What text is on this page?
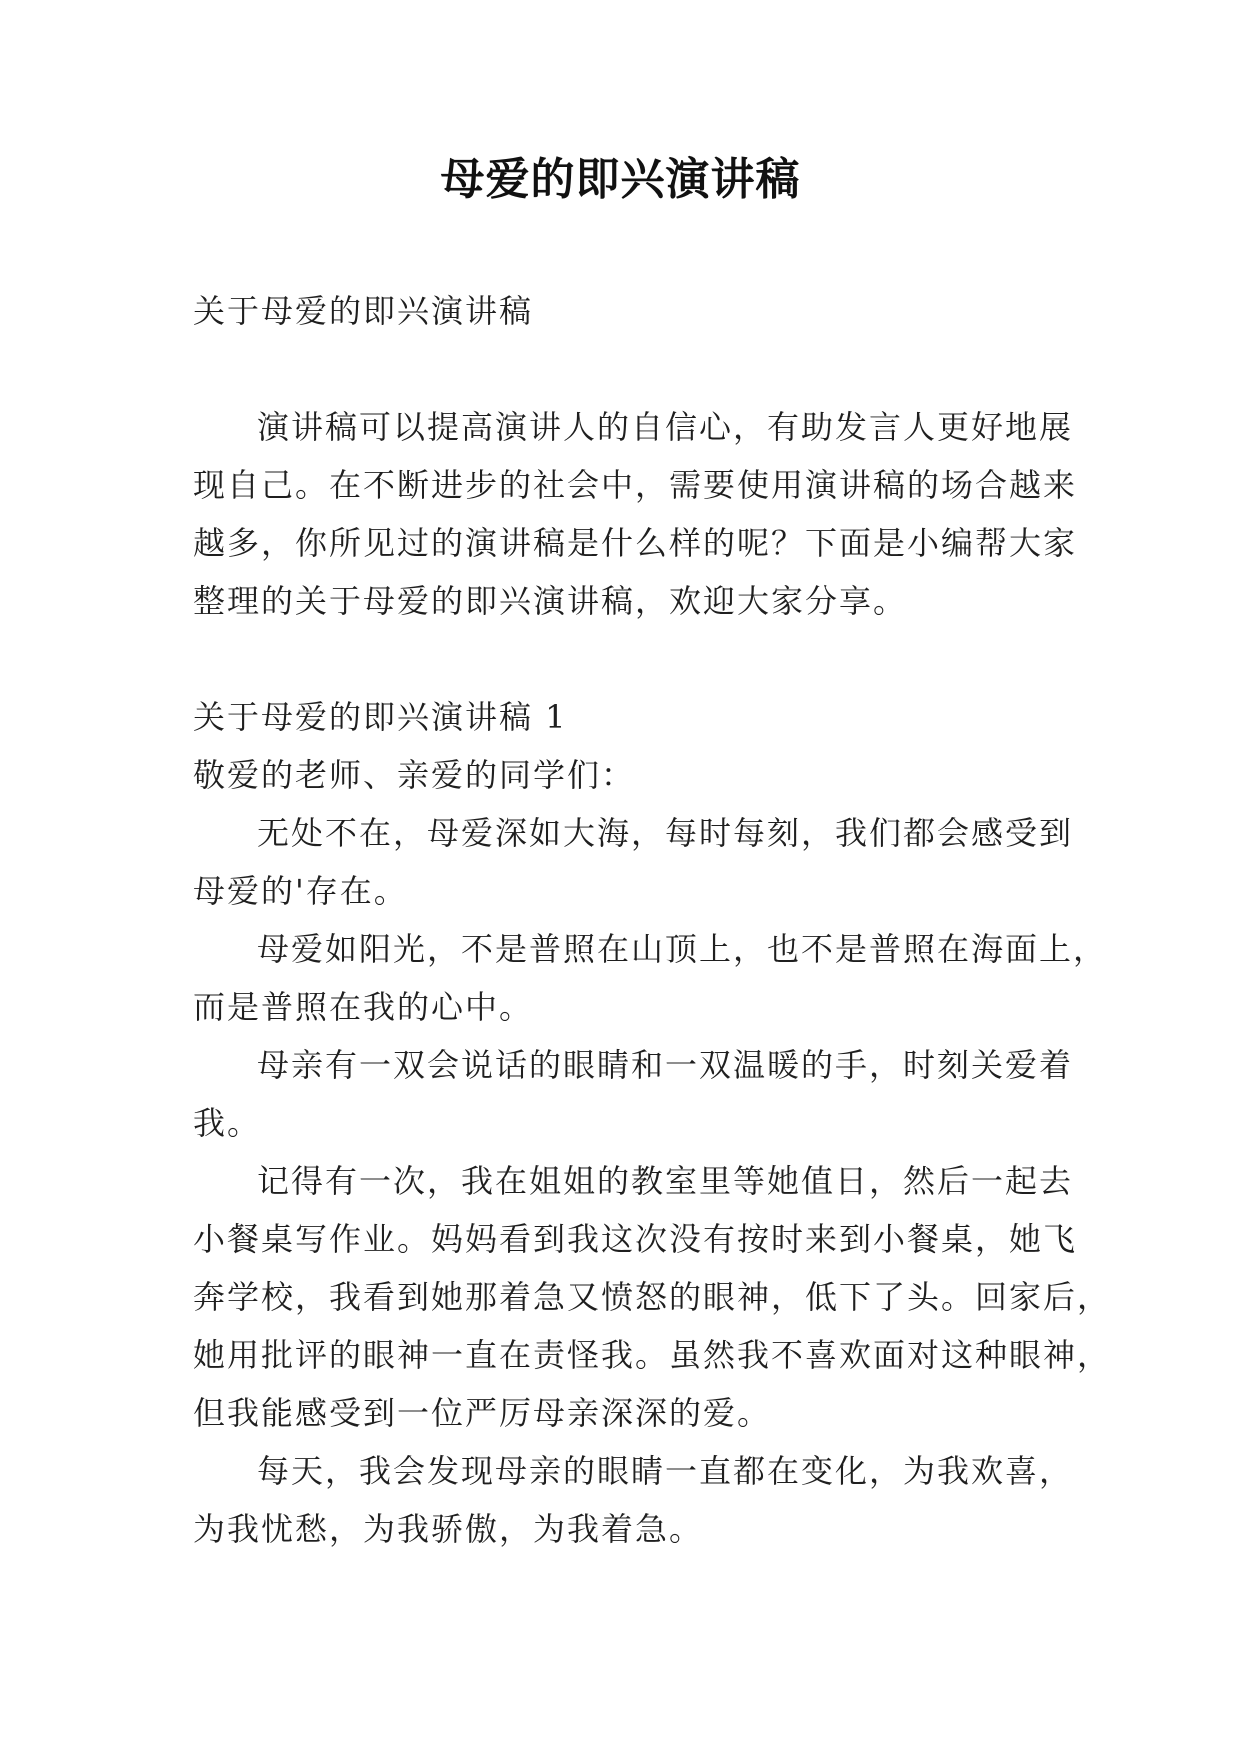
母爱的即兴演讲稿
关于母爱的即兴演讲稿
演讲稿可以提高演讲人的自信心，有助发言人更好地展
现自己。在不断进步的社会中，需要使用演讲稿的场合越来
越多，你所见过的演讲稿是什么样的呢？下面是小编帮大家
整理的关于母爱的即兴演讲稿，欢迎大家分享。
关于母爱的即兴演讲稿 1
敬爱的老师、亲爱的同学们：
无处不在，母爱深如大海，每时每刻，我们都会感受到
母爱的'存在。
母爱如阳光，不是普照在山顶上，也不是普照在海面上，
而是普照在我的心中。
母亲有一双会说话的眼睛和一双温暖的手，时刻关爱着
我。
记得有一次，我在姐姐的教室里等她值日，然后一起去
小餐桌写作业。妈妈看到我这次没有按时来到小餐桌，她飞
奔学校，我看到她那着急又愤怒的眼神，低下了头。回家后，
她用批评的眼神一直在责怪我。虽然我不喜欢面对这种眼神，
但我能感受到一位严厉母亲深深的爱。
每天，我会发现母亲的眼睛一直都在变化，为我欢喜，
为我忧愁，为我骄傲，为我着急。
